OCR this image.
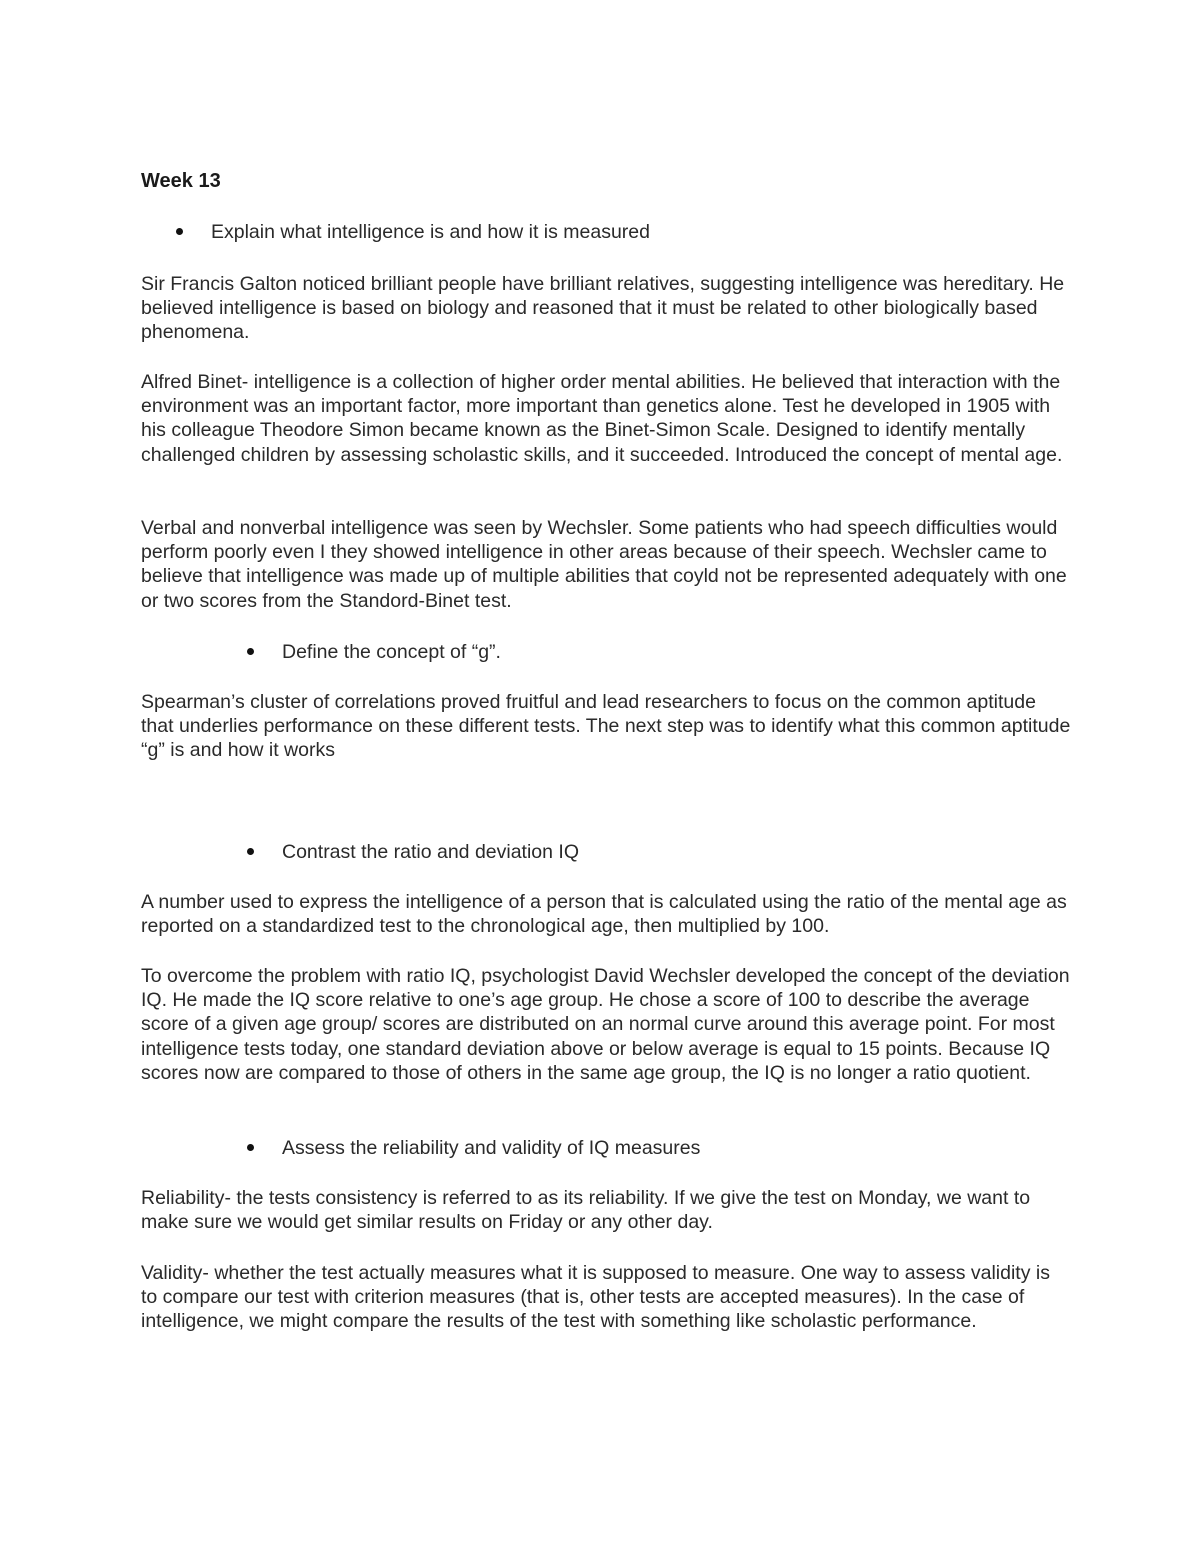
Week 13
Explain what intelligence is and how it is measured
Sir Francis Galton noticed brilliant people have brilliant relatives, suggesting intelligence was hereditary. He believed intelligence is based on biology and reasoned that it must be related to other biologically based phenomena.
Alfred Binet- intelligence is a collection of higher order mental abilities. He believed that interaction with the environment was an important factor, more important than genetics alone. Test he developed in 1905 with his colleague Theodore Simon became known as the Binet-Simon Scale. Designed to identify mentally challenged children by assessing scholastic skills, and it succeeded. Introduced the concept of mental age.
Verbal and nonverbal intelligence was seen by Wechsler. Some patients who had speech difficulties would perform poorly even I they showed intelligence in other areas because of their speech. Wechsler came to believe that intelligence was made up of multiple abilities that coyld not be represented adequately with one or two scores from the Standord-Binet test.
Define the concept of “g”.
Spearman’s cluster of correlations proved fruitful and lead researchers to focus on the common aptitude that underlies performance on these different tests. The next step was to identify what this common aptitude “g” is and how it works
Contrast the ratio and deviation IQ
A number used to express the intelligence of a person that is calculated using the ratio of the mental age as reported on a standardized test to the chronological age, then multiplied by 100.
To overcome the problem with ratio IQ, psychologist David Wechsler developed the concept of the deviation IQ. He made the IQ score relative to one’s age group. He chose a score of 100 to describe the average score of a given age group/ scores are distributed on an normal curve around this average point. For most intelligence tests today, one standard deviation above or below average is equal to 15 points. Because IQ scores now are compared to those of others in the same age group, the IQ is no longer a ratio quotient.
Assess the reliability and validity of IQ measures
Reliability- the tests consistency is referred to as its reliability. If we give the test on Monday, we want to make sure we would get similar results on Friday or any other day.
Validity- whether the test actually measures what it is supposed to measure. One way to assess validity is to compare our test with criterion measures (that is, other tests are accepted measures). In the case of intelligence, we might compare the results of the test with something like scholastic performance.
